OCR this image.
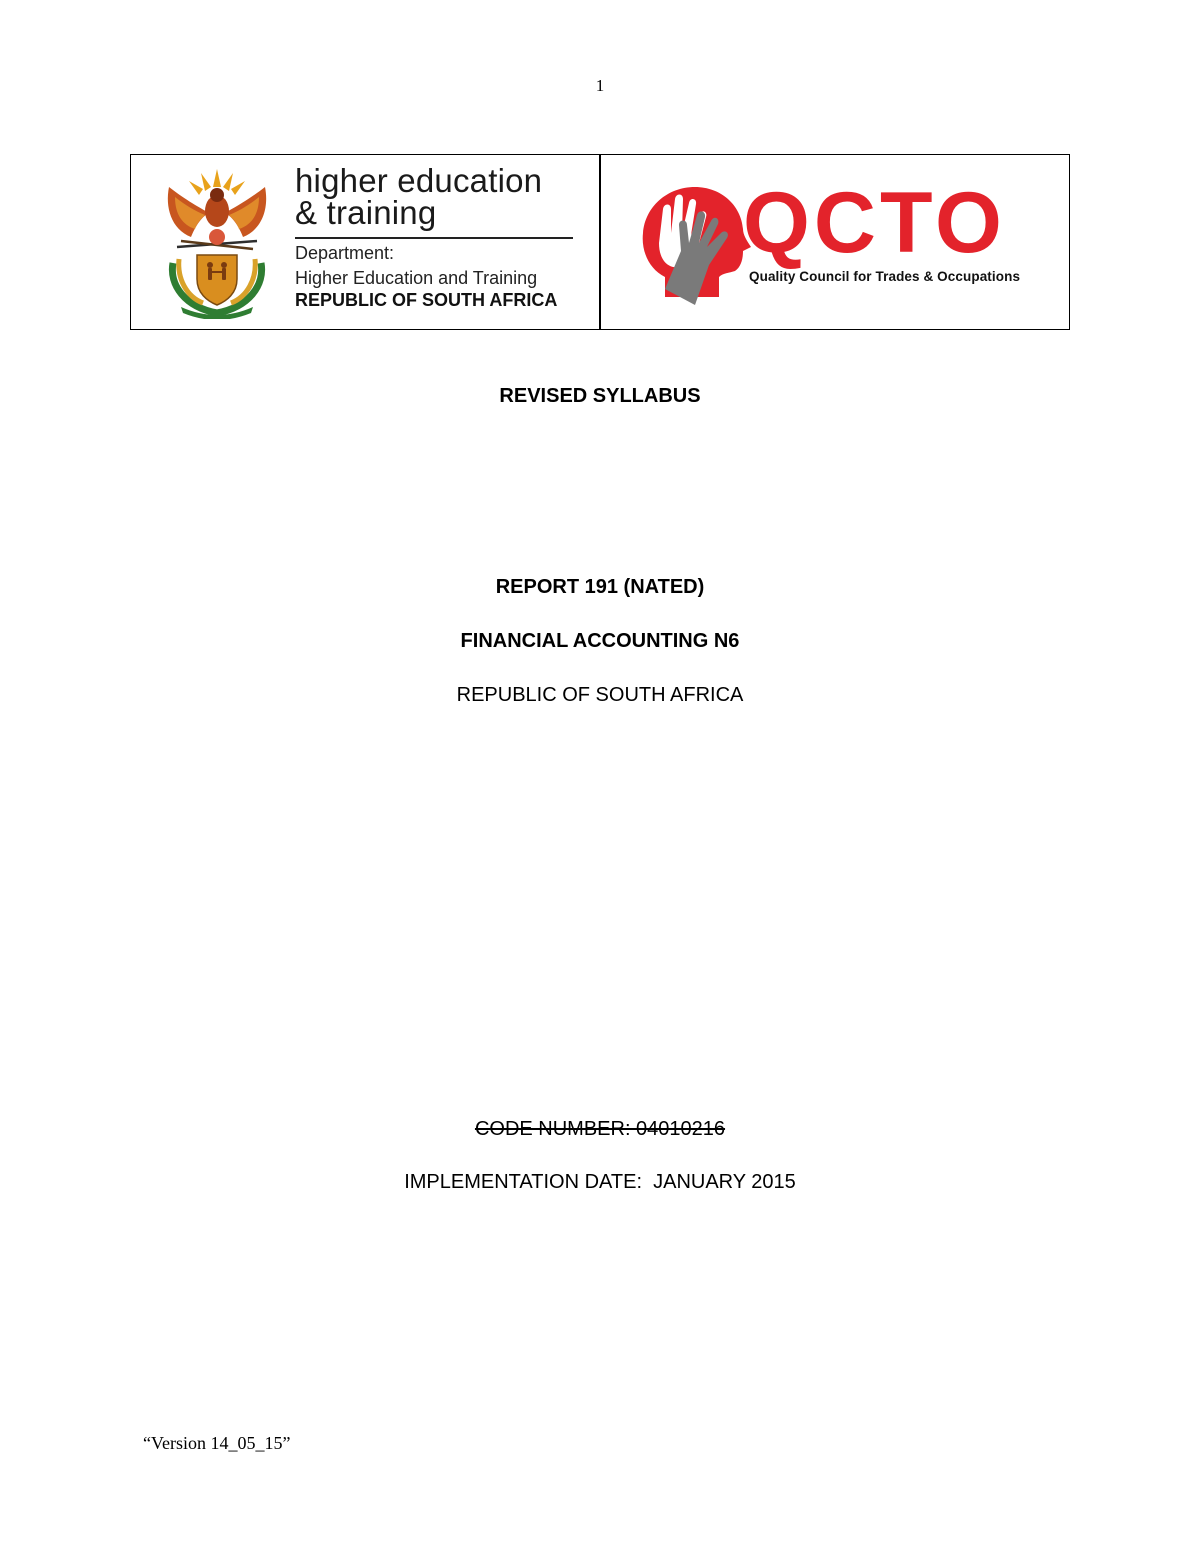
1
higher education
& training
Department:
Higher Education and Training
REPUBLIC OF SOUTH AFRICA
QCTO
Quality Council for Trades & Occupations
REVISED SYLLABUS
REPORT 191 (NATED)
FINANCIAL ACCOUNTING N6
REPUBLIC OF SOUTH AFRICA
CODE NUMBER: 04010216
IMPLEMENTATION DATE:  JANUARY 2015
“Version 14_05_15”
